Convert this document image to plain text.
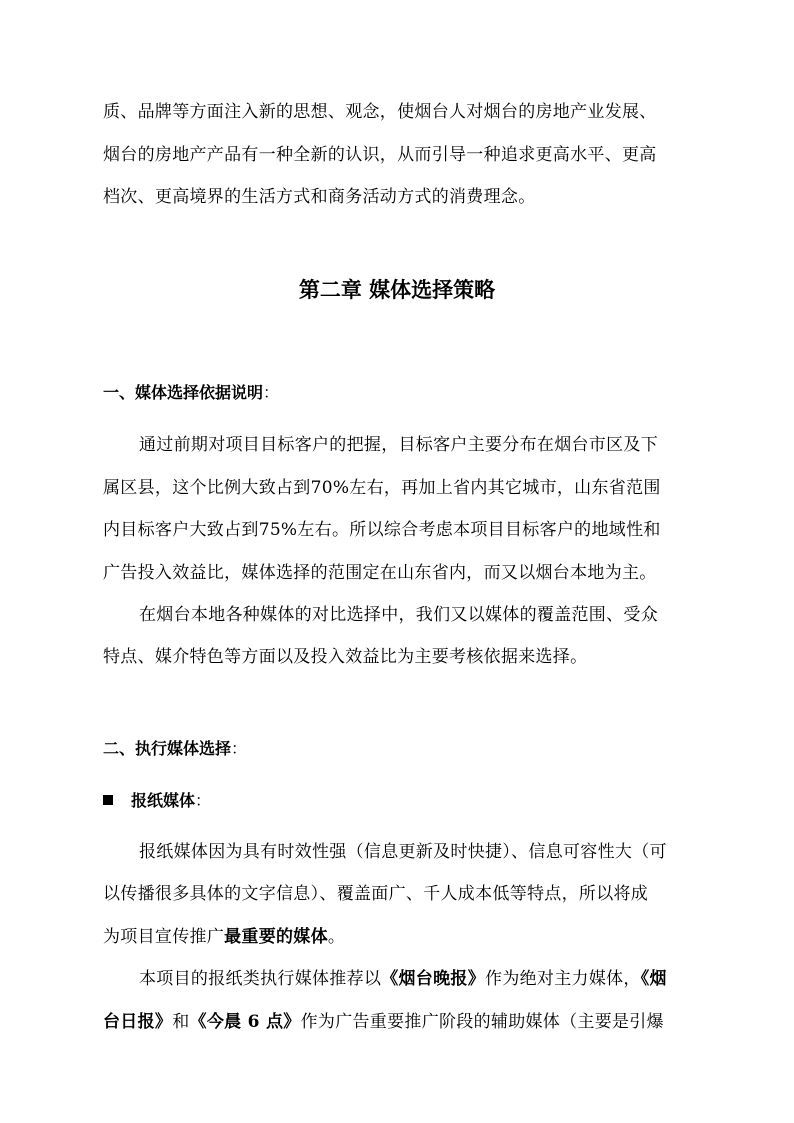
质、品牌等方面注入新的思想、观念，使烟台人对烟台的房地产业发展、
烟台的房地产产品有一种全新的认识，从而引导一种追求更高水平、更高
档次、更高境界的生活方式和商务活动方式的消费理念。
第二章 媒体选择策略
一、媒体选择依据说明：
通过前期对项目目标客户的把握，目标客户主要分布在烟台市区及下
属区县，这个比例大致占到70%左右，再加上省内其它城市，山东省范围
内目标客户大致占到75%左右。所以综合考虑本项目目标客户的地域性和
广告投入效益比，媒体选择的范围定在山东省内，而又以烟台本地为主。
在烟台本地各种媒体的对比选择中，我们又以媒体的覆盖范围、受众
特点、媒介特色等方面以及投入效益比为主要考核依据来选择。
二、执行媒体选择：
报纸媒体：
报纸媒体因为具有时效性强（信息更新及时快捷）、信息可容性大（可
以传播很多具体的文字信息）、覆盖面广、千人成本低等特点，所以将成
为项目宣传推广最重要的媒体。
本项目的报纸类执行媒体推荐以《烟台晚报》作为绝对主力媒体，《烟
台日报》和《今晨 6 点》作为广告重要推广阶段的辅助媒体（主要是引爆
